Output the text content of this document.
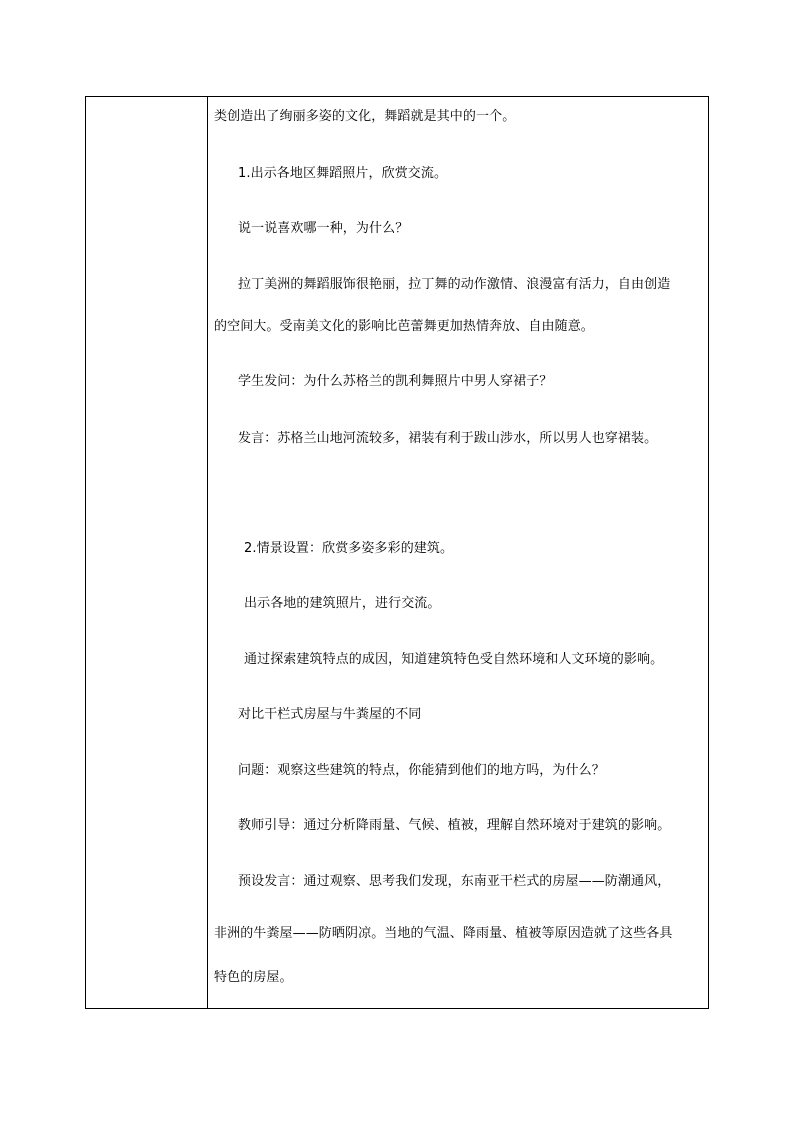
类创造出了绚丽多姿的文化，舞蹈就是其中的一个。
1.出示各地区舞蹈照片，欣赏交流。
说一说喜欢哪一种，为什么？
拉丁美洲的舞蹈服饰很艳丽，拉丁舞的动作激情、浪漫富有活力，自由创造
的空间大。受南美文化的影响比芭蕾舞更加热情奔放、自由随意。
学生发问：为什么苏格兰的凯利舞照片中男人穿裙子？
发言：苏格兰山地河流较多，裙装有利于跋山涉水，所以男人也穿裙装。
2.情景设置：欣赏多姿多彩的建筑。
出示各地的建筑照片，进行交流。
通过探索建筑特点的成因，知道建筑特色受自然环境和人文环境的影响。
对比干栏式房屋与牛粪屋的不同
问题：观察这些建筑的特点，你能猜到他们的地方吗，为什么？
教师引导：通过分析降雨量、气候、植被，理解自然环境对于建筑的影响。
预设发言：通过观察、思考我们发现，东南亚干栏式的房屋——防潮通风，
非洲的牛粪屋——防晒阴凉。当地的气温、降雨量、植被等原因造就了这些各具
特色的房屋。
